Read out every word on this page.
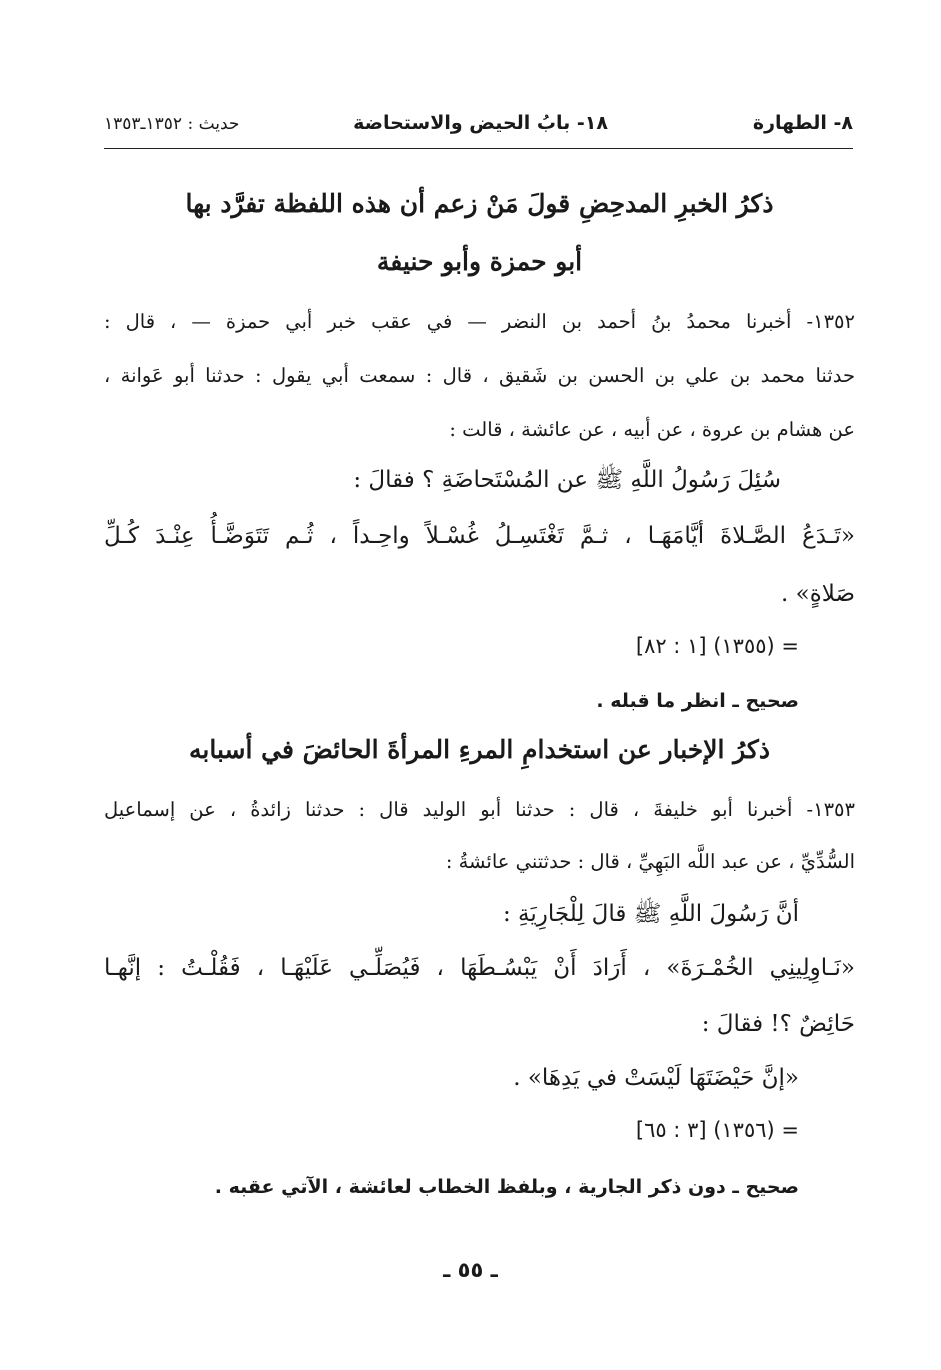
٨- الطهارة
١٨- بابُ الحيض والاستحاضة
حديث : ١٣٥٢ـ١٣٥٣
ذكرُ الخبرِ المدحِضِ قولَ مَنْ زعم أن هذه اللفظة تفرَّد بها
أبو حمزة وأبو حنيفة
١٣٥٢- أخبرنا محمدُ بنُ أحمد بن النضر — في عقب خبر أبي حمزة — ، قال :
حدثنا محمد بن علي بن الحسن بن شَقيق ، قال : سمعت أبي يقول : حدثنا أبو عَوانة ،
عن هشام بن عروة ، عن أبيه ، عن عائشة ، قالت :
سُئِلَ رَسُولُ اللَّهِ ﷺ عن المُسْتَحاضَةِ ؟ فقالَ :
«تَـدَعُ الصَّـلاةَ أيَّامَهَـا ، ثـمَّ تَغْتَسِـلُ غُسْـلاً واحِـداً ، ثُـم تَتَوَضَّـأُ عِنْـدَ كُـلِّ
صَلاةٍ» .
= (١٣٥٥) [١ : ٨٢]
صحيح ـ انظر ما قبله .
ذكرُ الإخبار عن استخدامِ المرءِ المرأةَ الحائضَ في أسبابه
١٣٥٣- أخبرنا أبو خليفةَ ، قال : حدثنا أبو الوليد قال : حدثنا زائدةُ ، عن إسماعيل
السُّدِّيِّ ، عن عبد اللَّه البَهِيِّ ، قال : حدثتني عائشةُ :
أنَّ رَسُولَ اللَّهِ ﷺ قالَ لِلْجَارِيَةِ :
«نَـاوِلِينِي الخُمْـرَةَ» ، أَرَادَ أَنْ يَبْسُـطَهَا ، فَيُصَلِّـي عَلَيْهَـا ، فَقُلْـتُ : إنَّهـا
حَائِضٌ ؟! فقالَ :
«إنَّ حَيْضَتَهَا لَيْسَتْ في يَدِهَا» .
= (١٣٥٦) [٣ : ٦٥]
صحيح ـ دون ذكر الجارية ، وبلفظ الخطاب لعائشة ، الآتي عقبه .
ـ ٥٥ ـ
